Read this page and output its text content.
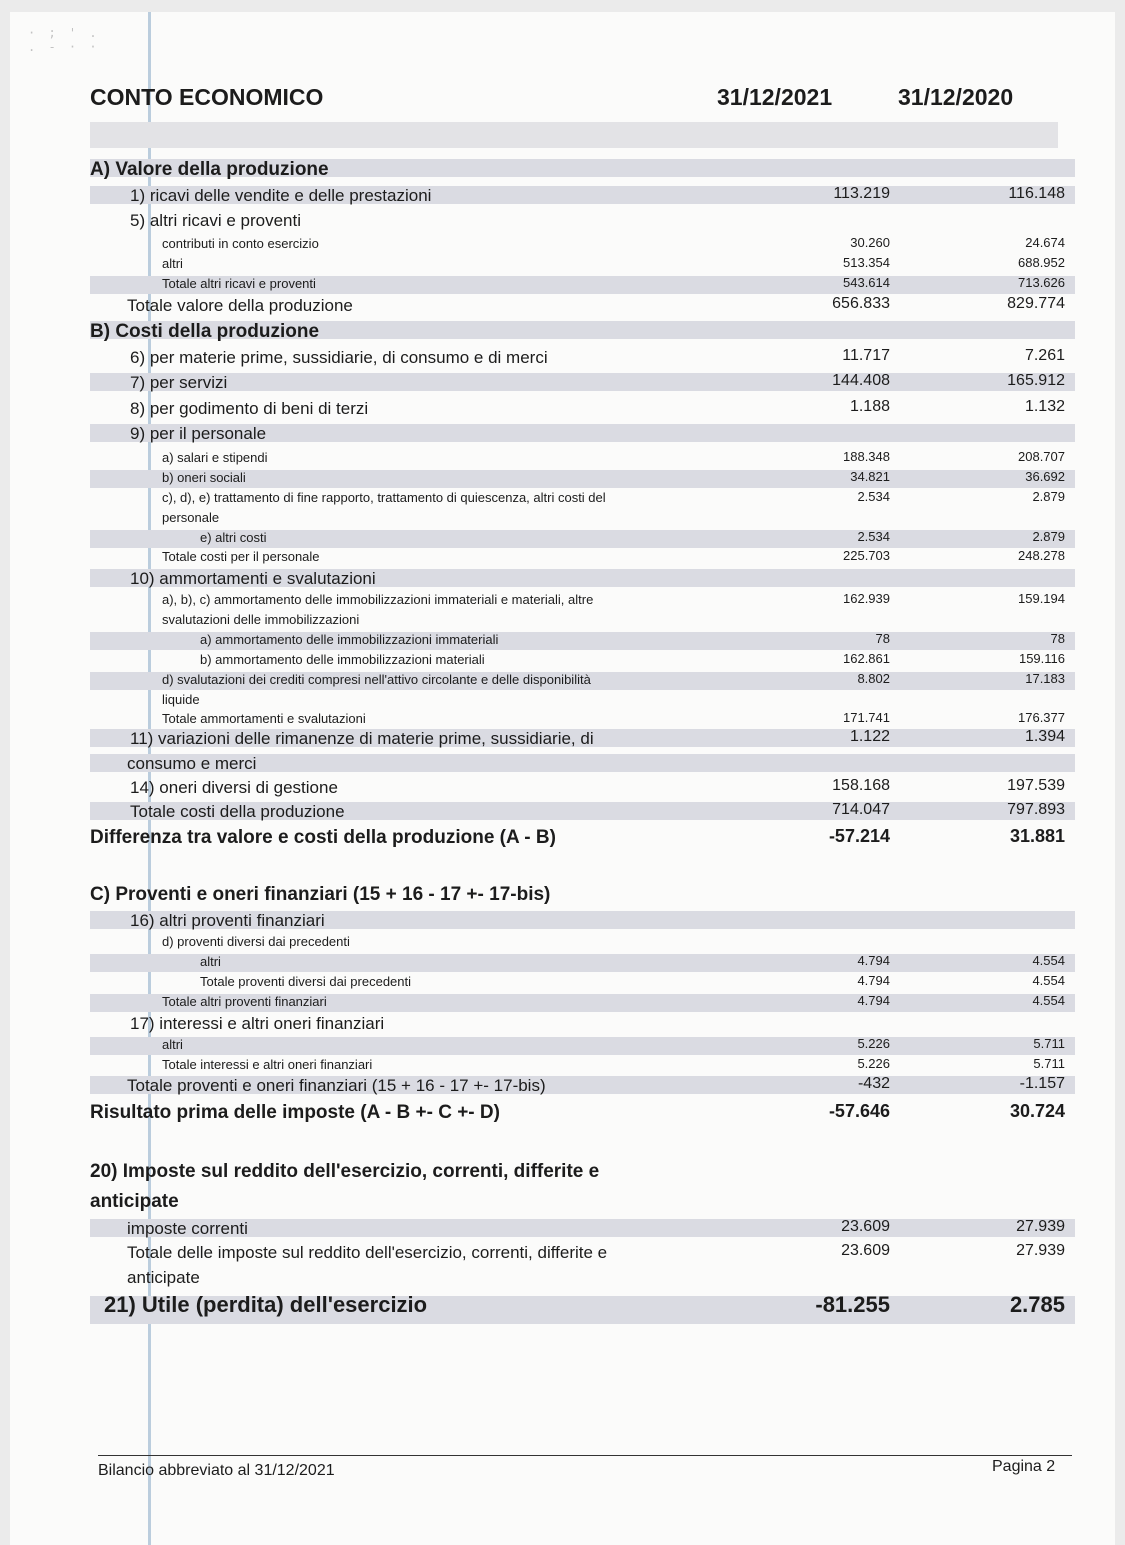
· ; ' .
. - · ·
CONTO ECONOMICO	31/12/2021	31/12/2020
A) Valore della produzione
1) ricavi delle vendite e delle prestazioni	113.219	116.148
5) altri ricavi e proventi
contributi in conto esercizio	30.260	24.674
altri	513.354	688.952
Totale altri ricavi e proventi	543.614	713.626
Totale valore della produzione	656.833	829.774
B) Costi della produzione
6) per materie prime, sussidiarie, di consumo e di merci	11.717	7.261
7) per servizi	144.408	165.912
8) per godimento di beni di terzi	1.188	1.132
9) per il personale
a) salari e stipendi	188.348	208.707
b) oneri sociali	34.821	36.692
c), d), e) trattamento di fine rapporto, trattamento di quiescenza, altri costi del	2.534	2.879
personale
e) altri costi	2.534	2.879
Totale costi per il personale	225.703	248.278
10) ammortamenti e svalutazioni
a), b), c) ammortamento delle immobilizzazioni immateriali e materiali, altre	162.939	159.194
svalutazioni delle immobilizzazioni
a) ammortamento delle immobilizzazioni immateriali	78	78
b) ammortamento delle immobilizzazioni materiali	162.861	159.116
d) svalutazioni dei crediti compresi nell'attivo circolante e delle disponibilità	8.802	17.183
liquide
Totale ammortamenti e svalutazioni	171.741	176.377
11) variazioni delle rimanenze di materie prime, sussidiarie, di	1.122	1.394
consumo e merci
14) oneri diversi di gestione	158.168	197.539
Totale costi della produzione	714.047	797.893
Differenza tra valore e costi della produzione (A - B)	-57.214	31.881
C) Proventi e oneri finanziari (15 + 16 - 17 +- 17-bis)
16) altri proventi finanziari
d) proventi diversi dai precedenti
altri	4.794	4.554
Totale proventi diversi dai precedenti	4.794	4.554
Totale altri proventi finanziari	4.794	4.554
17) interessi e altri oneri finanziari
altri	5.226	5.711
Totale interessi e altri oneri finanziari	5.226	5.711
Totale proventi e oneri finanziari (15 + 16 - 17 +- 17-bis)	-432	-1.157
Risultato prima delle imposte (A - B +- C +- D)	-57.646	30.724
20) Imposte sul reddito dell'esercizio, correnti, differite e
anticipate
imposte correnti	23.609	27.939
Totale delle imposte sul reddito dell'esercizio, correnti, differite e	23.609	27.939
anticipate
21) Utile (perdita) dell'esercizio	-81.255	2.785
Bilancio abbreviato al 31/12/2021	Pagina 2
